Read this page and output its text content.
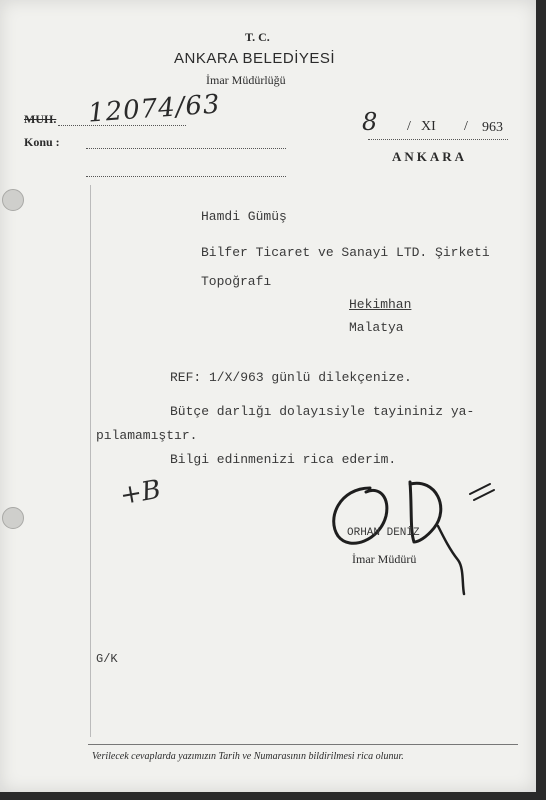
T. C.
ANKARA BELEDİYESİ
İmar Müdürlüğü
MUH. 12074/63
Konu :
8 / XI / 963
ANKARA
Hamdi Gümüş
Bilfer Ticaret ve Sanayi LTD. Şirketi
Topoğrafı
Hekimhan
Malatya
REF: 1/X/963 günlü dilekçenize.
Bütçe darlığı dolayısiyle tayininiz ya-
pılamamıştır.
Bilgi edinmenizi rica ederim.
+B
ORHAN DENİZ
İmar Müdürü
G/K
Verilecek cevaplarda yazımızın Tarih ve Numarasının bildirilmesi rica olunur.
